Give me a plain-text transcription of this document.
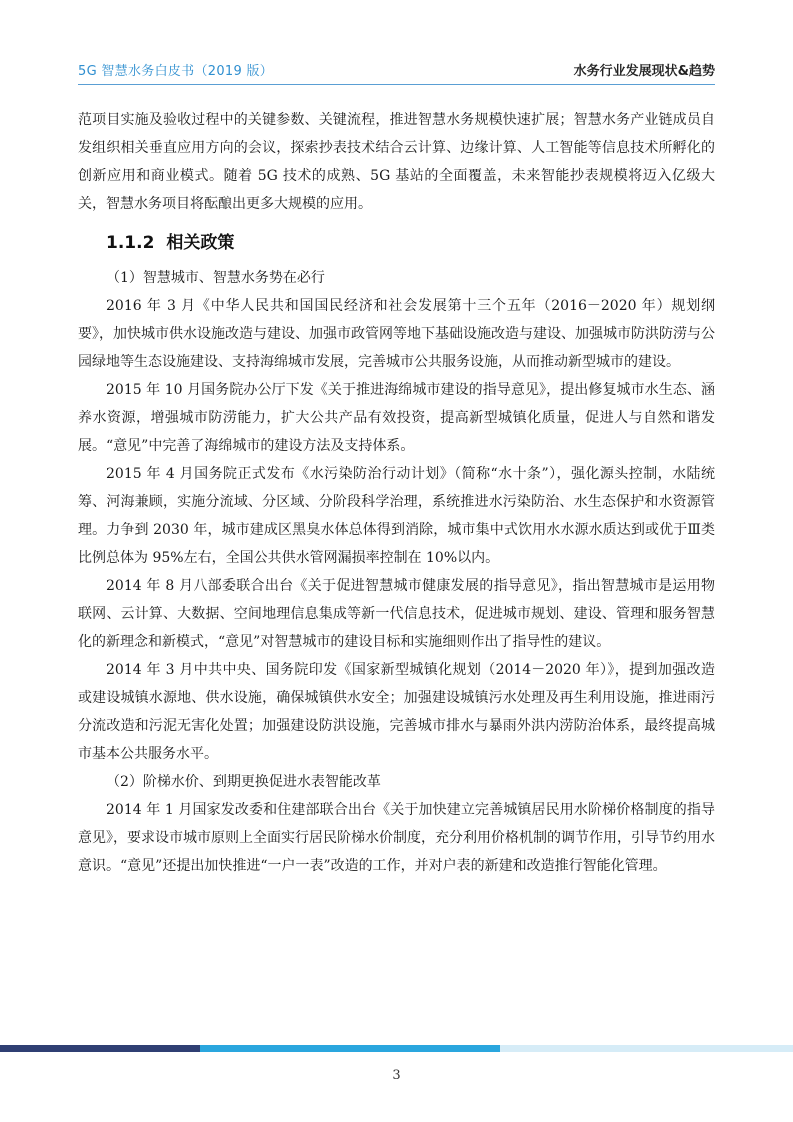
5G 智慧水务白皮书（2019 版）	水务行业发展现状&趋势

范项目实施及验收过程中的关键参数、关键流程，推进智慧水务规模快速扩展；智慧水务产业链成员自发组织相关垂直应用方向的会议，探索抄表技术结合云计算、边缘计算、人工智能等信息技术所孵化的创新应用和商业模式。随着 5G 技术的成熟、5G 基站的全面覆盖，未来智能抄表规模将迈入亿级大关，智慧水务项目将酝酿出更多大规模的应用。

1.1.2 相关政策

（1）智慧城市、智慧水务势在必行

2016 年 3 月《中华人民共和国国民经济和社会发展第十三个五年（2016－2020 年）规划纲要》，加快城市供水设施改造与建设、加强市政管网等地下基础设施改造与建设、加强城市防洪防涝与公园绿地等生态设施建设、支持海绵城市发展，完善城市公共服务设施，从而推动新型城市的建设。

2015 年 10 月国务院办公厅下发《关于推进海绵城市建设的指导意见》，提出修复城市水生态、涵养水资源，增强城市防涝能力，扩大公共产品有效投资，提高新型城镇化质量，促进人与自然和谐发展。“意见”中完善了海绵城市的建设方法及支持体系。

2015 年 4 月国务院正式发布《水污染防治行动计划》（简称“水十条”），强化源头控制，水陆统筹、河海兼顾，实施分流域、分区域、分阶段科学治理，系统推进水污染防治、水生态保护和水资源管理。力争到 2030 年，城市建成区黑臭水体总体得到消除，城市集中式饮用水水源水质达到或优于Ⅲ类比例总体为 95%左右，全国公共供水管网漏损率控制在 10%以内。

2014 年 8 月八部委联合出台《关于促进智慧城市健康发展的指导意见》，指出智慧城市是运用物联网、云计算、大数据、空间地理信息集成等新一代信息技术，促进城市规划、建设、管理和服务智慧化的新理念和新模式，“意见”对智慧城市的建设目标和实施细则作出了指导性的建议。

2014 年 3 月中共中央、国务院印发《国家新型城镇化规划（2014－2020 年）》，提到加强改造或建设城镇水源地、供水设施，确保城镇供水安全；加强建设城镇污水处理及再生利用设施，推进雨污分流改造和污泥无害化处置；加强建设防洪设施，完善城市排水与暴雨外洪内涝防治体系，最终提高城市基本公共服务水平。

（2）阶梯水价、到期更换促进水表智能改革

2014 年 1 月国家发改委和住建部联合出台《关于加快建立完善城镇居民用水阶梯价格制度的指导意见》，要求设市城市原则上全面实行居民阶梯水价制度，充分利用价格机制的调节作用，引导节约用水意识。“意见”还提出加快推进“一户一表”改造的工作，并对户表的新建和改造推行智能化管理。

3
